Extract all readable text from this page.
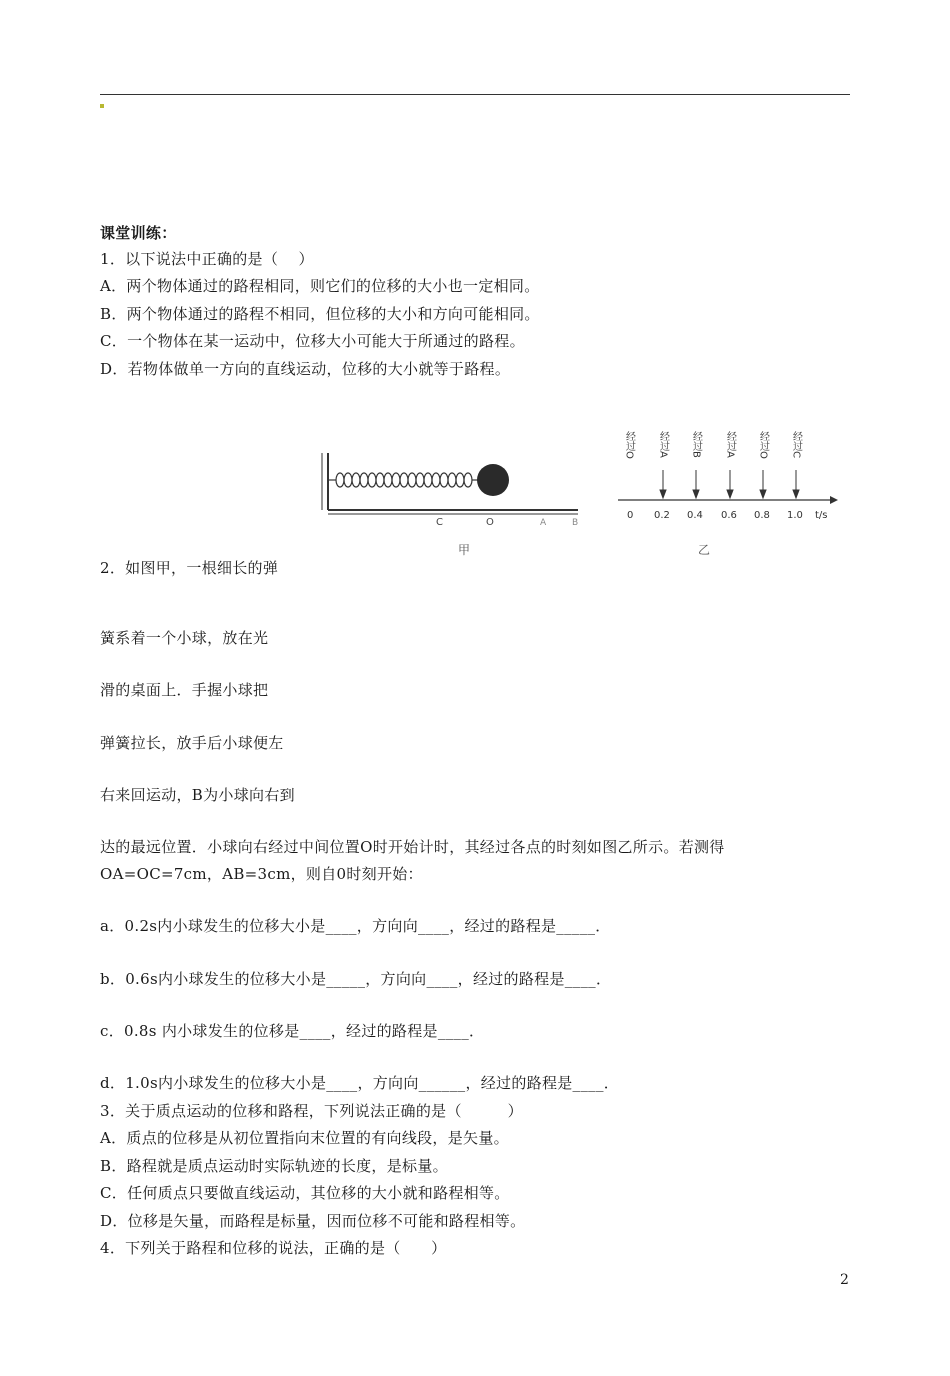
课堂训练：
1．以下说法中正确的是（　 ）
A．两个物体通过的路程相同，则它们的位移的大小也一定相同。
B．两个物体通过的路程不相同，但位移的大小和方向可能相同。
C．一个物体在某一运动中，位移大小可能大于所通过的路程。
D．若物体做单一方向的直线运动，位移的大小就等于路程。
C	O	A	B
甲
经过O 经过A 经过B 经过A 经过O 经过C
0 0.2 0.4 0.6 0.8 1.0 t/s
乙
2．如图甲，一根细长的弹
簧系着一个小球，放在光
滑的桌面上．手握小球把
弹簧拉长，放手后小球便左
右来回运动，B为小球向右到
达的最远位置．小球向右经过中间位置O时开始计时，其经过各点的时刻如图乙所示。若测得
OA=OC=7cm，AB=3cm，则自0时刻开始：
a．0.2s内小球发生的位移大小是____，方向向____，经过的路程是_____．
b．0.6s内小球发生的位移大小是_____，方向向____，经过的路程是____．
c．0.8s 内小球发生的位移是____，经过的路程是____．
d．1.0s内小球发生的位移大小是____，方向向______，经过的路程是____．
3．关于质点运动的位移和路程，下列说法正确的是（　　　）
A．质点的位移是从初位置指向末位置的有向线段，是矢量。
B．路程就是质点运动时实际轨迹的长度，是标量。
C．任何质点只要做直线运动，其位移的大小就和路程相等。
D．位移是矢量，而路程是标量，因而位移不可能和路程相等。
4．下列关于路程和位移的说法，正确的是（　　）
2
